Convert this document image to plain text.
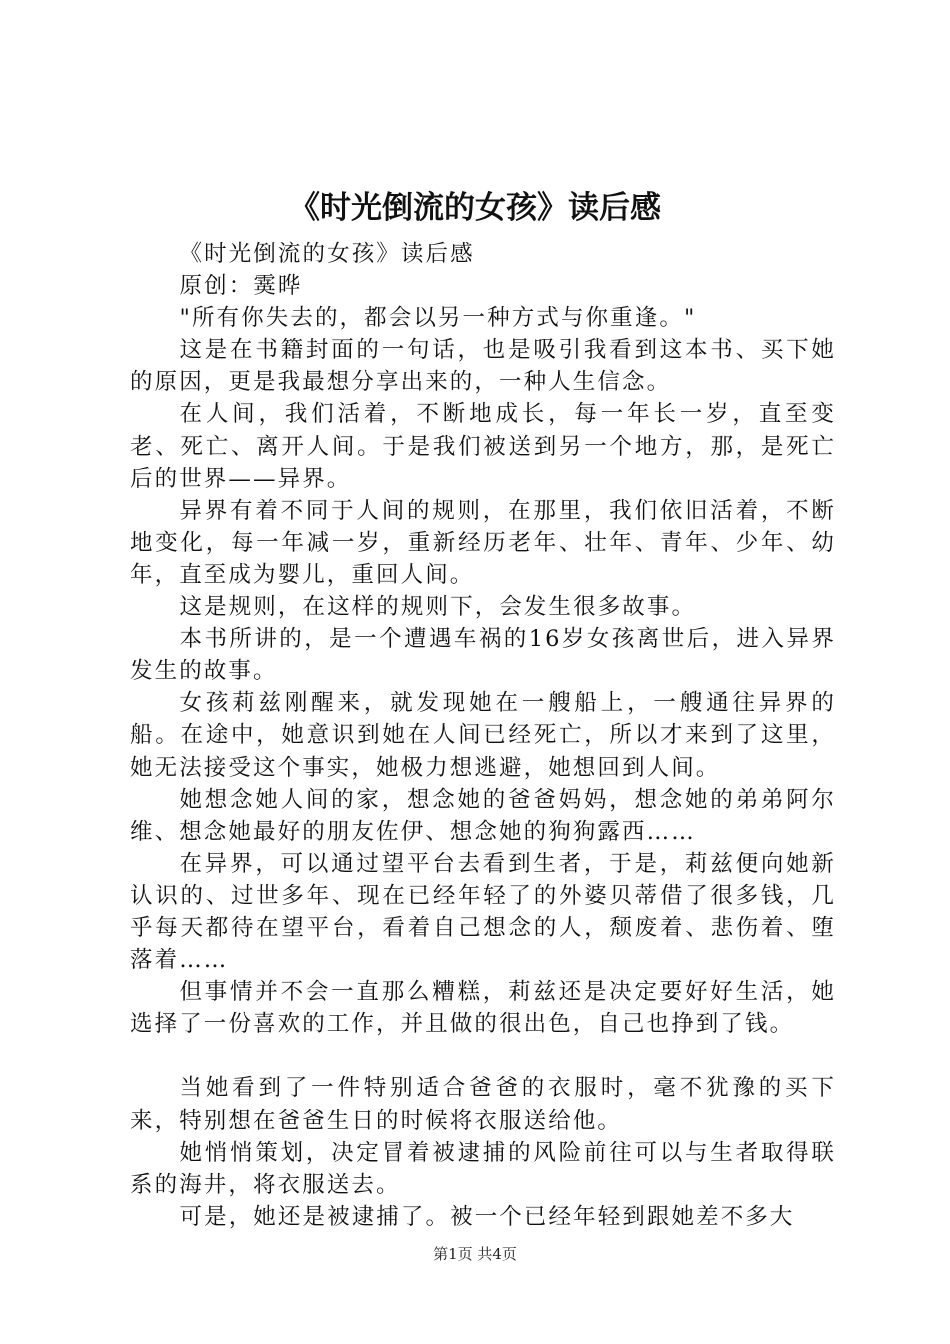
《时光倒流的女孩》读后感

《时光倒流的女孩》读后感

原创：霙晔

"所有你失去的，都会以另一种方式与你重逢。"

这是在书籍封面的一句话，也是吸引我看到这本书、买下她的原因，更是我最想分享出来的，一种人生信念。

在人间，我们活着，不断地成长，每一年长一岁，直至变老、死亡、离开人间。于是我们被送到另一个地方，那，是死亡后的世界——异界。

异界有着不同于人间的规则，在那里，我们依旧活着，不断地变化，每一年减一岁，重新经历老年、壮年、青年、少年、幼年，直至成为婴儿，重回人间。

这是规则，在这样的规则下，会发生很多故事。

本书所讲的，是一个遭遇车祸的16岁女孩离世后，进入异界发生的故事。

女孩莉兹刚醒来，就发现她在一艘船上，一艘通往异界的船。在途中，她意识到她在人间已经死亡，所以才来到了这里，她无法接受这个事实，她极力想逃避，她想回到人间。

她想念她人间的家，想念她的爸爸妈妈，想念她的弟弟阿尔维、想念她最好的朋友佐伊、想念她的狗狗露西……

在异界，可以通过望平台去看到生者，于是，莉兹便向她新认识的、过世多年、现在已经年轻了的外婆贝蒂借了很多钱，几乎每天都待在望平台，看着自己想念的人，颓废着、悲伤着、堕落着……

但事情并不会一直那么糟糕，莉兹还是决定要好好生活，她选择了一份喜欢的工作，并且做的很出色，自己也挣到了钱。

当她看到了一件特别适合爸爸的衣服时，毫不犹豫的买下来，特别想在爸爸生日的时候将衣服送给他。

她悄悄策划，决定冒着被逮捕的风险前往可以与生者取得联系的海井，将衣服送去。

可是，她还是被逮捕了。被一个已经年轻到跟她差不多大

第1页 共4页
